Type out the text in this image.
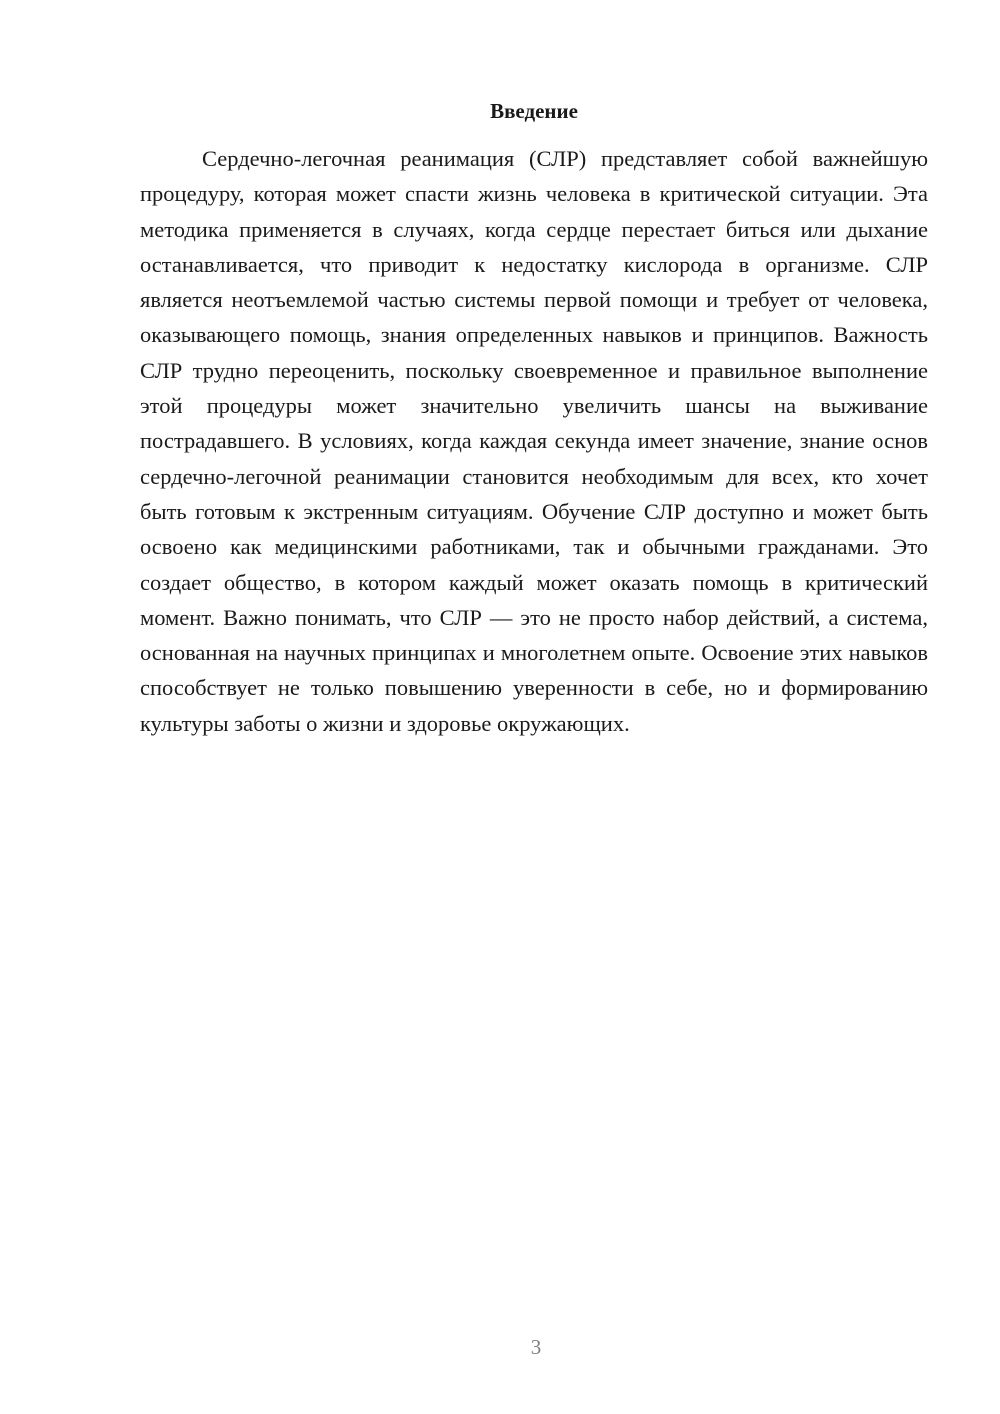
Введение

Сердечно-легочная реанимация (СЛР) представляет собой важнейшую процедуру, которая может спасти жизнь человека в критической ситуации. Эта методика применяется в случаях, когда сердце перестает биться или дыхание останавливается, что приводит к недостатку кислорода в организме. СЛР является неотъемлемой частью системы первой помощи и требует от человека, оказывающего помощь, знания определенных навыков и принципов. Важность СЛР трудно переоценить, поскольку своевременное и правильное выполнение этой процедуры может значительно увеличить шансы на выживание пострадавшего. В условиях, когда каждая секунда имеет значение, знание основ сердечно-легочной реанимации становится необходимым для всех, кто хочет быть готовым к экстренным ситуациям. Обучение СЛР доступно и может быть освоено как медицинскими работниками, так и обычными гражданами. Это создает общество, в котором каждый может оказать помощь в критический момент. Важно понимать, что СЛР — это не просто набор действий, а система, основанная на научных принципах и многолетнем опыте. Освоение этих навыков способствует не только повышению уверенности в себе, но и формированию культуры заботы о жизни и здоровье окружающих.

3
